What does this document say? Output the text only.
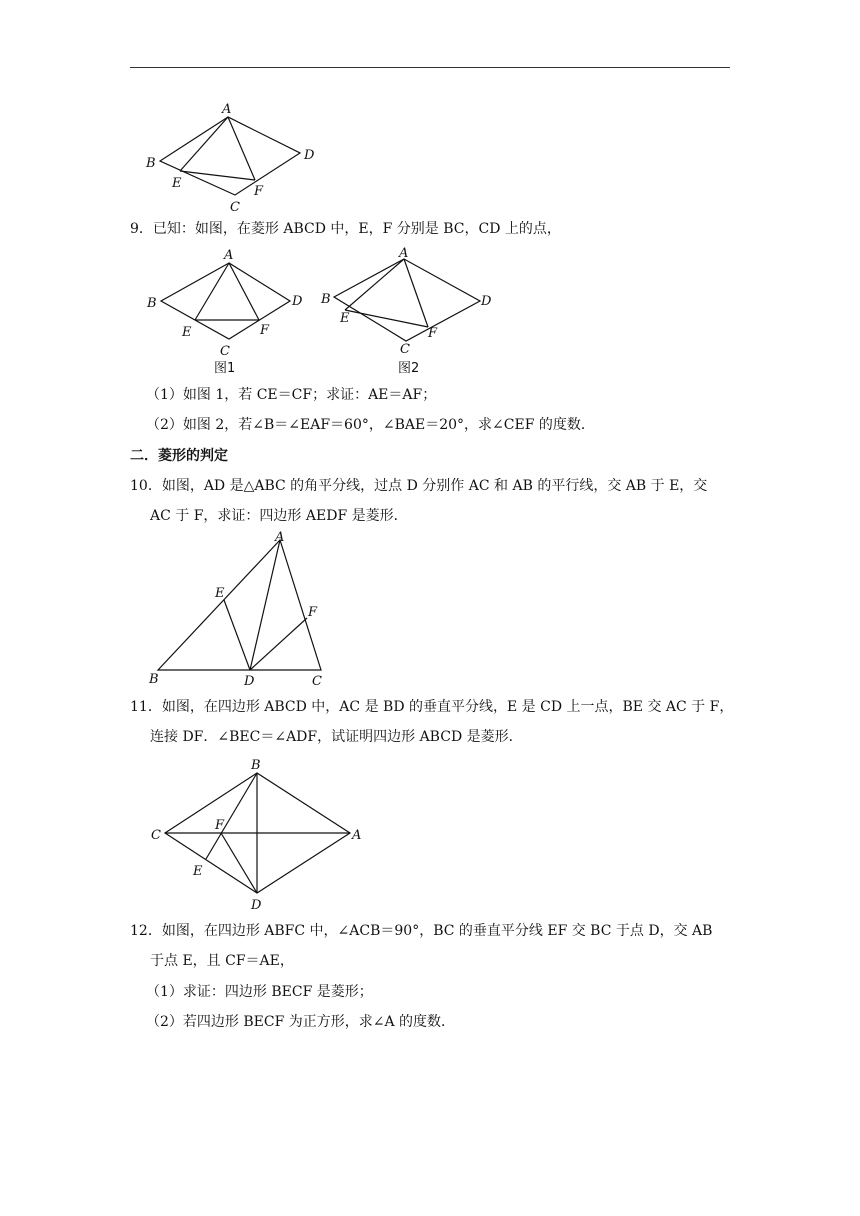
A
B
C
D
E
F
9．已知：如图，在菱形 ABCD 中，E，F 分别是 BC，CD 上的点，
A
B
C
D
E	F
图1
A
B
C
D
E
F
图2
（1）如图 1，若 CE＝CF；求证：AE＝AF；
（2）如图 2，若∠B＝∠EAF＝60°，∠BAE＝20°，求∠CEF 的度数．
二．菱形的判定
10．如图，AD 是△ABC 的角平分线，过点 D 分别作 AC 和 AB 的平行线，交 AB 于 E，交
AC 于 F，求证：四边形 AEDF 是菱形．
A
B	C
D
E
F
11．如图，在四边形 ABCD 中，AC 是 BD 的垂直平分线，E 是 CD 上一点，BE 交 AC 于 F，
连接 DF．∠BEC＝∠ADF，试证明四边形 ABCD 是菱形．
B
C
D
A
F
E
12．如图，在四边形 ABFC 中，∠ACB＝90°，BC 的垂直平分线 EF 交 BC 于点 D，交 AB
于点 E，且 CF＝AE，
（1）求证：四边形 BECF 是菱形；
（2）若四边形 BECF 为正方形，求∠A 的度数．
